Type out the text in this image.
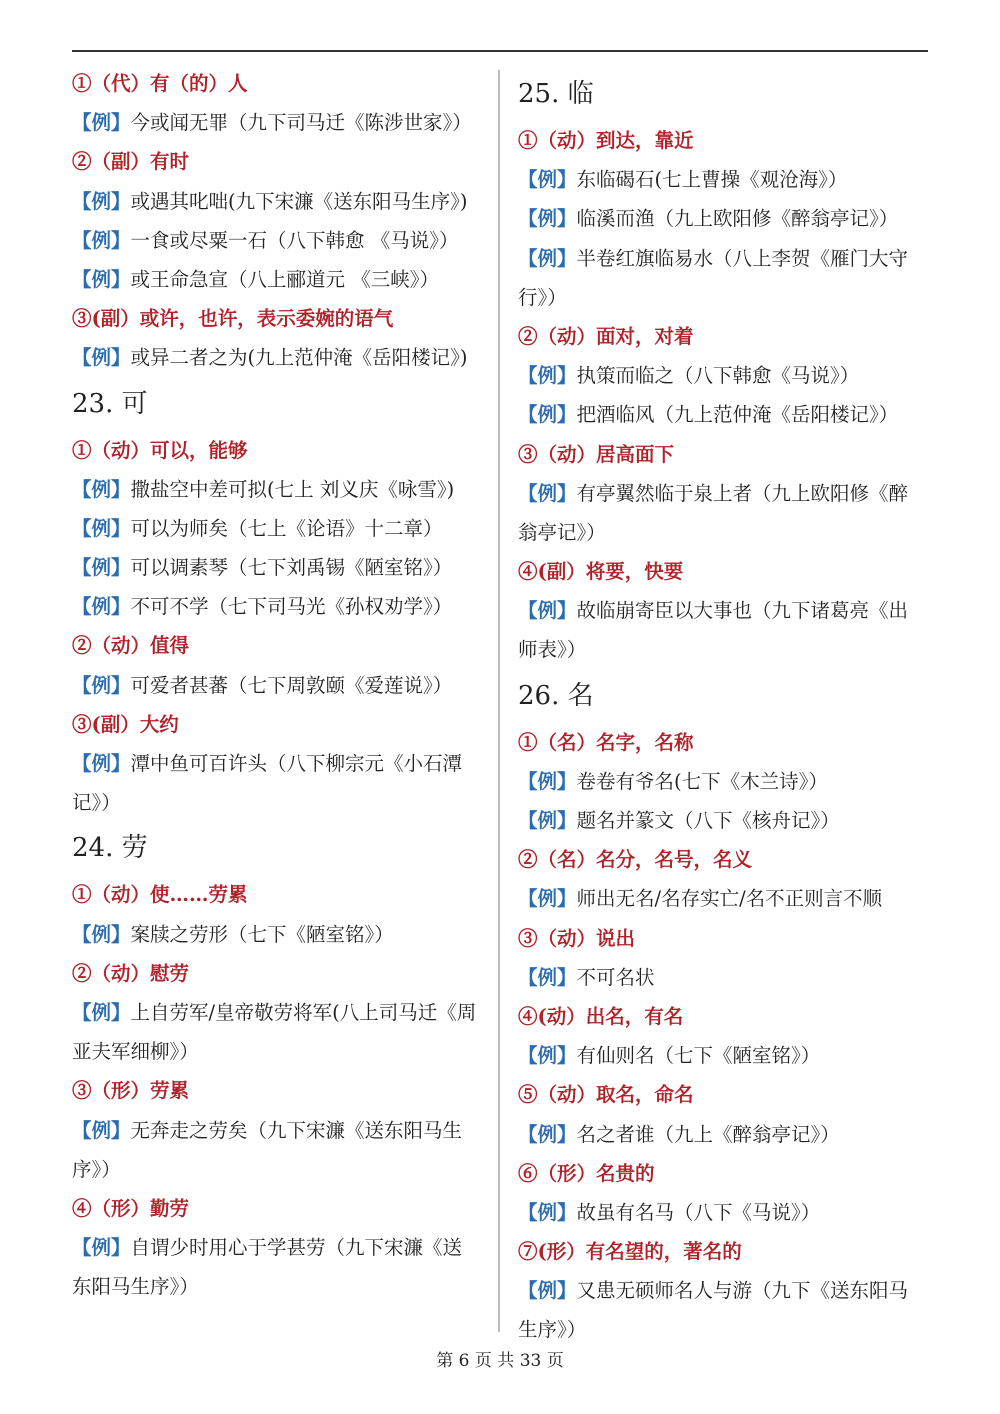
①（代）有（的）人
【例】今或闻无罪（九下司马迁《陈涉世家》）
②（副）有时
【例】或遇其叱咄(九下宋濂《送东阳马生序》)
【例】一食或尽粟一石（八下韩愈 《马说》）
【例】或王命急宣（八上郦道元 《三峡》）
③(副）或许，也许，表示委婉的语气
【例】或异二者之为(九上范仲淹《岳阳楼记》)
23. 可
①（动）可以，能够
【例】撒盐空中差可拟(七上 刘义庆《咏雪》)
【例】可以为师矣（七上《论语》十二章）
【例】可以调素琴（七下刘禹锡《陋室铭》）
【例】不可不学（七下司马光《孙权劝学》）
②（动）值得
【例】可爱者甚蕃（七下周敦颐《爱莲说》）
③(副）大约
【例】潭中鱼可百许头（八下柳宗元《小石潭
记》）
24. 劳
①（动）使……劳累
【例】案牍之劳形（七下《陋室铭》）
②（动）慰劳
【例】上自劳军/皇帝敬劳将军(八上司马迁《周
亚夫军细柳》）
③（形）劳累
【例】无奔走之劳矣（九下宋濂《送东阳马生
序》）
④（形）勤劳
【例】自谓少时用心于学甚劳（九下宋濂《送
东阳马生序》）
25. 临
①（动）到达，靠近
【例】东临碣石(七上曹操《观沧海》）
【例】临溪而渔（九上欧阳修《醉翁亭记》）
【例】半卷红旗临易水（八上李贺《雁门大守
行》）
②（动）面对，对着
【例】执策而临之（八下韩愈《马说》）
【例】把酒临风（九上范仲淹《岳阳楼记》）
③（动）居高面下
【例】有亭翼然临于泉上者（九上欧阳修《醉
翁亭记》）
④(副）将要，快要
【例】故临崩寄臣以大事也（九下诸葛亮《出
师表》）
26. 名
①（名）名字，名称
【例】卷卷有爷名(七下《木兰诗》）
【例】题名并篆文（八下《核舟记》）
②（名）名分，名号，名义
【例】师出无名/名存实亡/名不正则言不顺
③（动）说出
【例】不可名状
④(动）出名，有名
【例】有仙则名（七下《陋室铭》）
⑤（动）取名，命名
【例】名之者谁（九上《醉翁亭记》）
⑥（形）名贵的
【例】故虽有名马（八下《马说》）
⑦(形）有名望的，著名的
【例】又患无硕师名人与游（九下《送东阳马
生序》）
第 6 页 共 33 页
